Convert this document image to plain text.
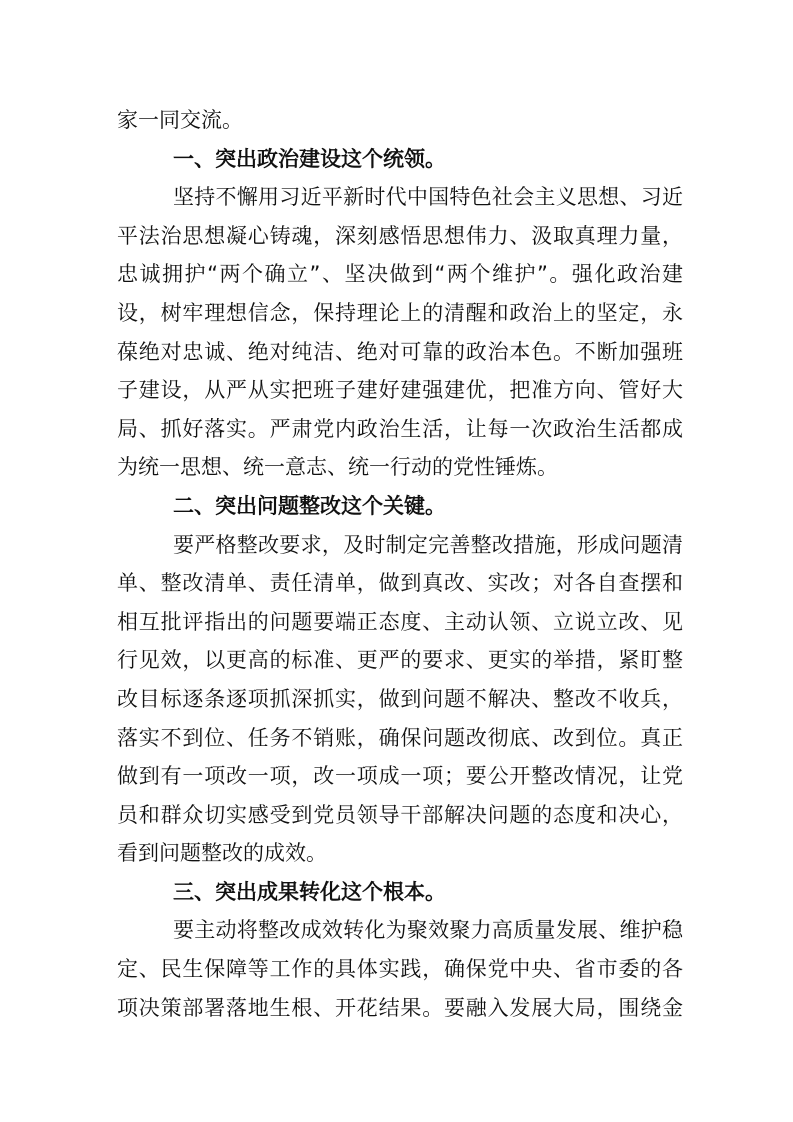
家一同交流。
一、突出政治建设这个统领。
坚持不懈用习近平新时代中国特色社会主义思想、习近
平法治思想凝心铸魂，深刻感悟思想伟力、汲取真理力量，
忠诚拥护“两个确立”、坚决做到“两个维护”。强化政治建
设，树牢理想信念，保持理论上的清醒和政治上的坚定，永
葆绝对忠诚、绝对纯洁、绝对可靠的政治本色。不断加强班
子建设，从严从实把班子建好建强建优，把准方向、管好大
局、抓好落实。严肃党内政治生活，让每一次政治生活都成
为统一思想、统一意志、统一行动的党性锤炼。
二、突出问题整改这个关键。
要严格整改要求，及时制定完善整改措施，形成问题清
单、整改清单、责任清单，做到真改、实改；对各自查摆和
相互批评指出的问题要端正态度、主动认领、立说立改、见
行见效，以更高的标准、更严的要求、更实的举措，紧盯整
改目标逐条逐项抓深抓实，做到问题不解决、整改不收兵，
落实不到位、任务不销账，确保问题改彻底、改到位。真正
做到有一项改一项，改一项成一项；要公开整改情况，让党
员和群众切实感受到党员领导干部解决问题的态度和决心，
看到问题整改的成效。
三、突出成果转化这个根本。
要主动将整改成效转化为聚效聚力高质量发展、维护稳
定、民生保障等工作的具体实践，确保党中央、省市委的各
项决策部署落地生根、开花结果。要融入发展大局，围绕金
